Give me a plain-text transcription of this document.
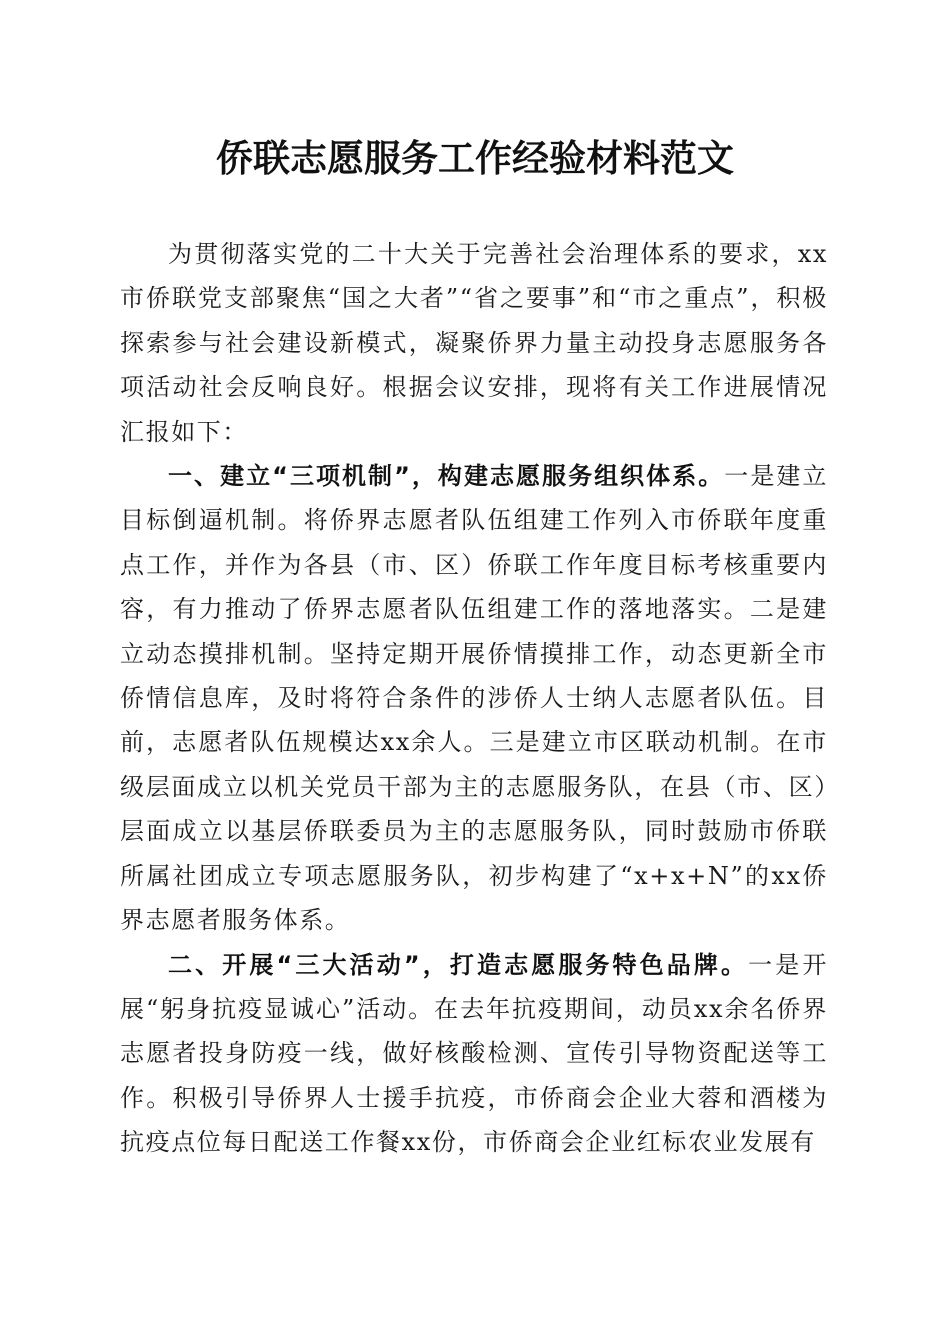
侨联志愿服务工作经验材料范文

为贯彻落实党的二十大关于完善社会治理体系的要求，xx市侨联党支部聚焦“国之大者”“省之要事”和“市之重点”，积极探索参与社会建设新模式，凝聚侨界力量主动投身志愿服务各项活动社会反响良好。根据会议安排，现将有关工作进展情况汇报如下：

一、建立“三项机制”，构建志愿服务组织体系。一是建立目标倒逼机制。将侨界志愿者队伍组建工作列入市侨联年度重点工作，并作为各县（市、区）侨联工作年度目标考核重要内容，有力推动了侨界志愿者队伍组建工作的落地落实。二是建立动态摸排机制。坚持定期开展侨情摸排工作，动态更新全市侨情信息库，及时将符合条件的涉侨人士纳人志愿者队伍。目前，志愿者队伍规模达xx余人。三是建立市区联动机制。在市级层面成立以机关党员干部为主的志愿服务队，在县（市、区）层面成立以基层侨联委员为主的志愿服务队，同时鼓励市侨联所属社团成立专项志愿服务队，初步构建了“x+x+N”的xx侨界志愿者服务体系。

二、开展“三大活动”，打造志愿服务特色品牌。一是开展“躬身抗疫显诚心”活动。在去年抗疫期间，动员xx余名侨界志愿者投身防疫一线，做好核酸检测、宣传引导物资配送等工作。积极引导侨界人士援手抗疫，市侨商会企业大蓉和酒楼为抗疫点位每日配送工作餐xx份，市侨商会企业红标农业发展有
